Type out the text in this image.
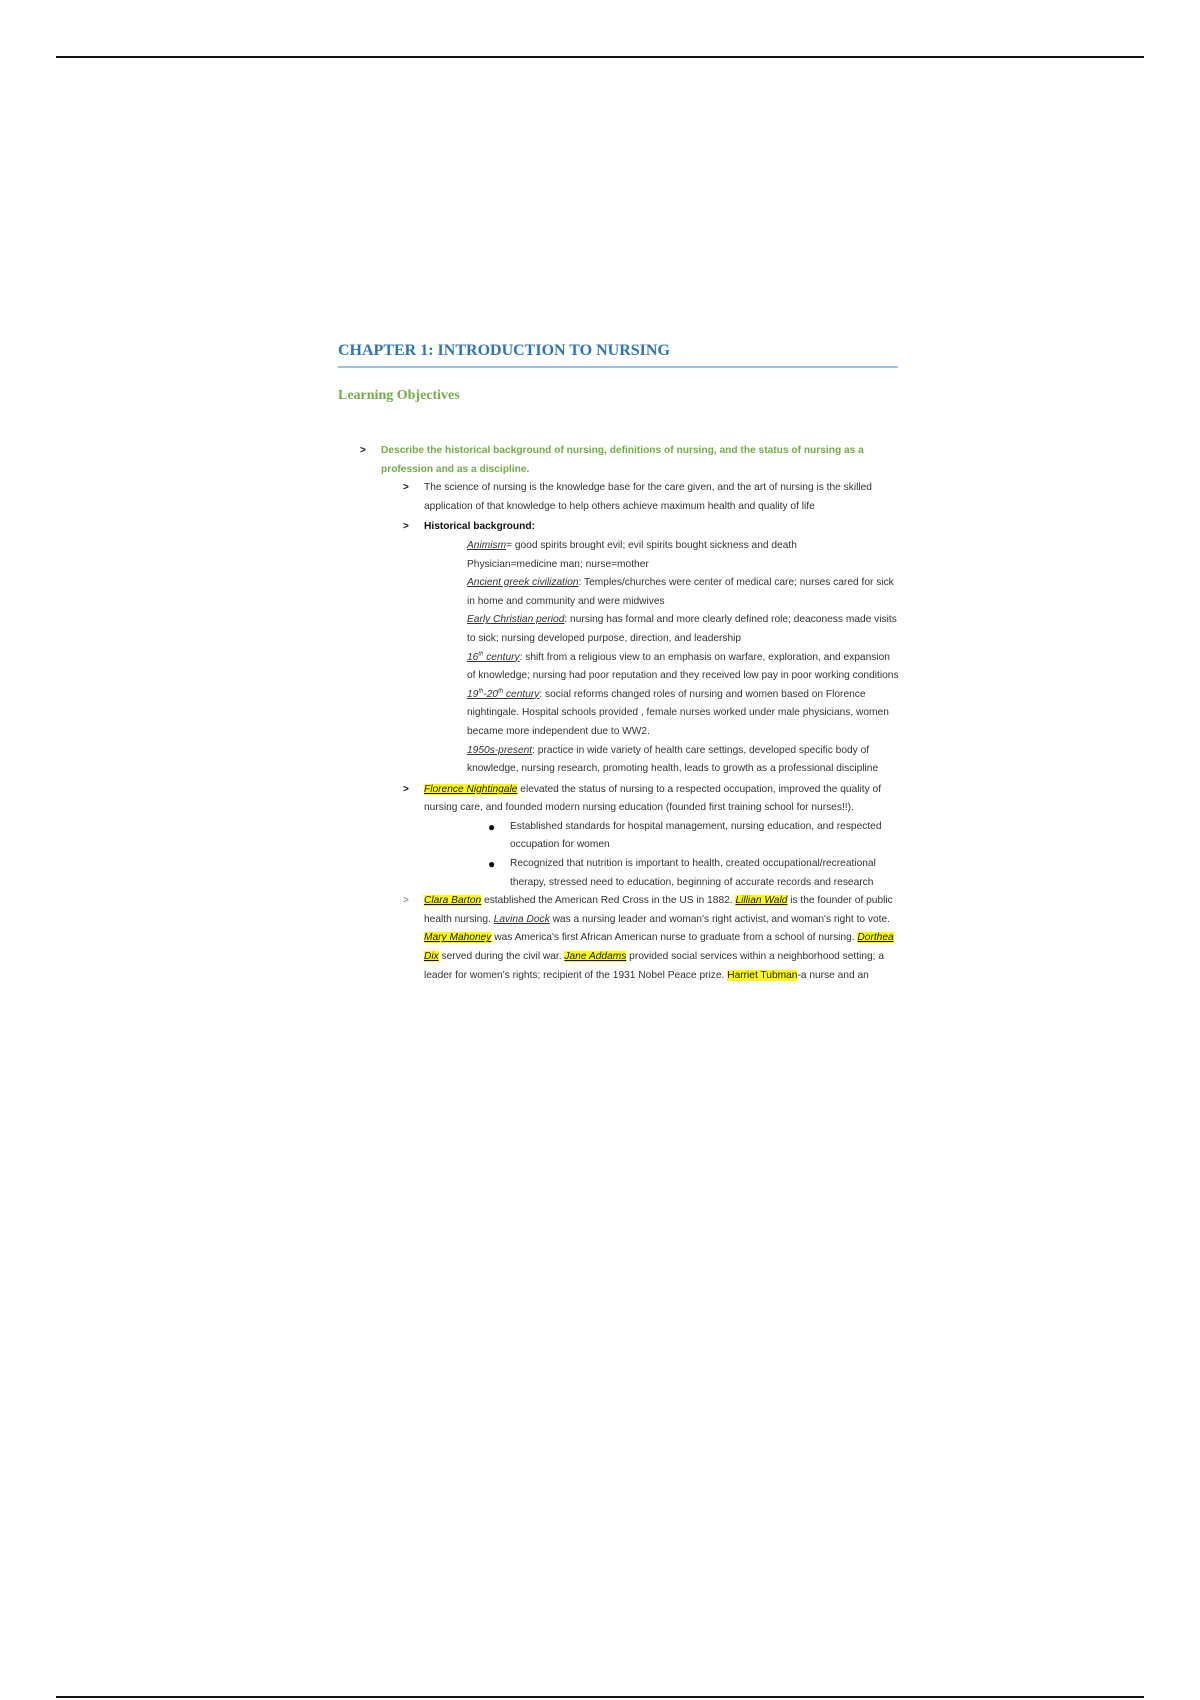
CHAPTER 1: INTRODUCTION TO NURSING
Learning Objectives
> Describe the historical background of nursing, definitions of nursing, and the status of nursing as a profession and as a discipline.
> The science of nursing is the knowledge base for the care given, and the art of nursing is the skilled application of that knowledge to help others achieve maximum health and quality of life
> Historical background:
Animism= good spirits brought evil; evil spirits bought sickness and death
Physician=medicine man; nurse=mother
Ancient greek civilization: Temples/churches were center of medical care; nurses cared for sick in home and community and were midwives
Early Christian period: nursing has formal and more clearly defined role; deaconess made visits to sick; nursing developed purpose, direction, and leadership
16th century: shift from a religious view to an emphasis on warfare, exploration, and expansion of knowledge; nursing had poor reputation and they received low pay in poor working conditions
19th-20th century: social reforms changed roles of nursing and women based on Florence nightingale. Hospital schools provided , female nurses worked under male physicians, women became more independent due to WW2.
1950s-present: practice in wide variety of health care settings, developed specific body of knowledge, nursing research, promoting health, leads to growth as a professional discipline
> Florence Nightingale elevated the status of nursing to a respected occupation, improved the quality of nursing care, and founded modern nursing education (founded first training school for nurses!!).
● Established standards for hospital management, nursing education, and respected occupation for women
● Recognized that nutrition is important to health, created occupational/recreational therapy, stressed need to education, beginning of accurate records and research
> Clara Barton established the American Red Cross in the US in 1882. Lillian Wald is the founder of public health nursing. Lavina Dock was a nursing leader and woman's right activist, and woman's right to vote. Mary Mahoney was America's first African American nurse to graduate from a school of nursing. Dorthea Dix served during the civil war. Jane Addams provided social services within a neighborhood setting; a leader for women's rights; recipient of the 1931 Nobel Peace prize. Harriet Tubman-a nurse and an
